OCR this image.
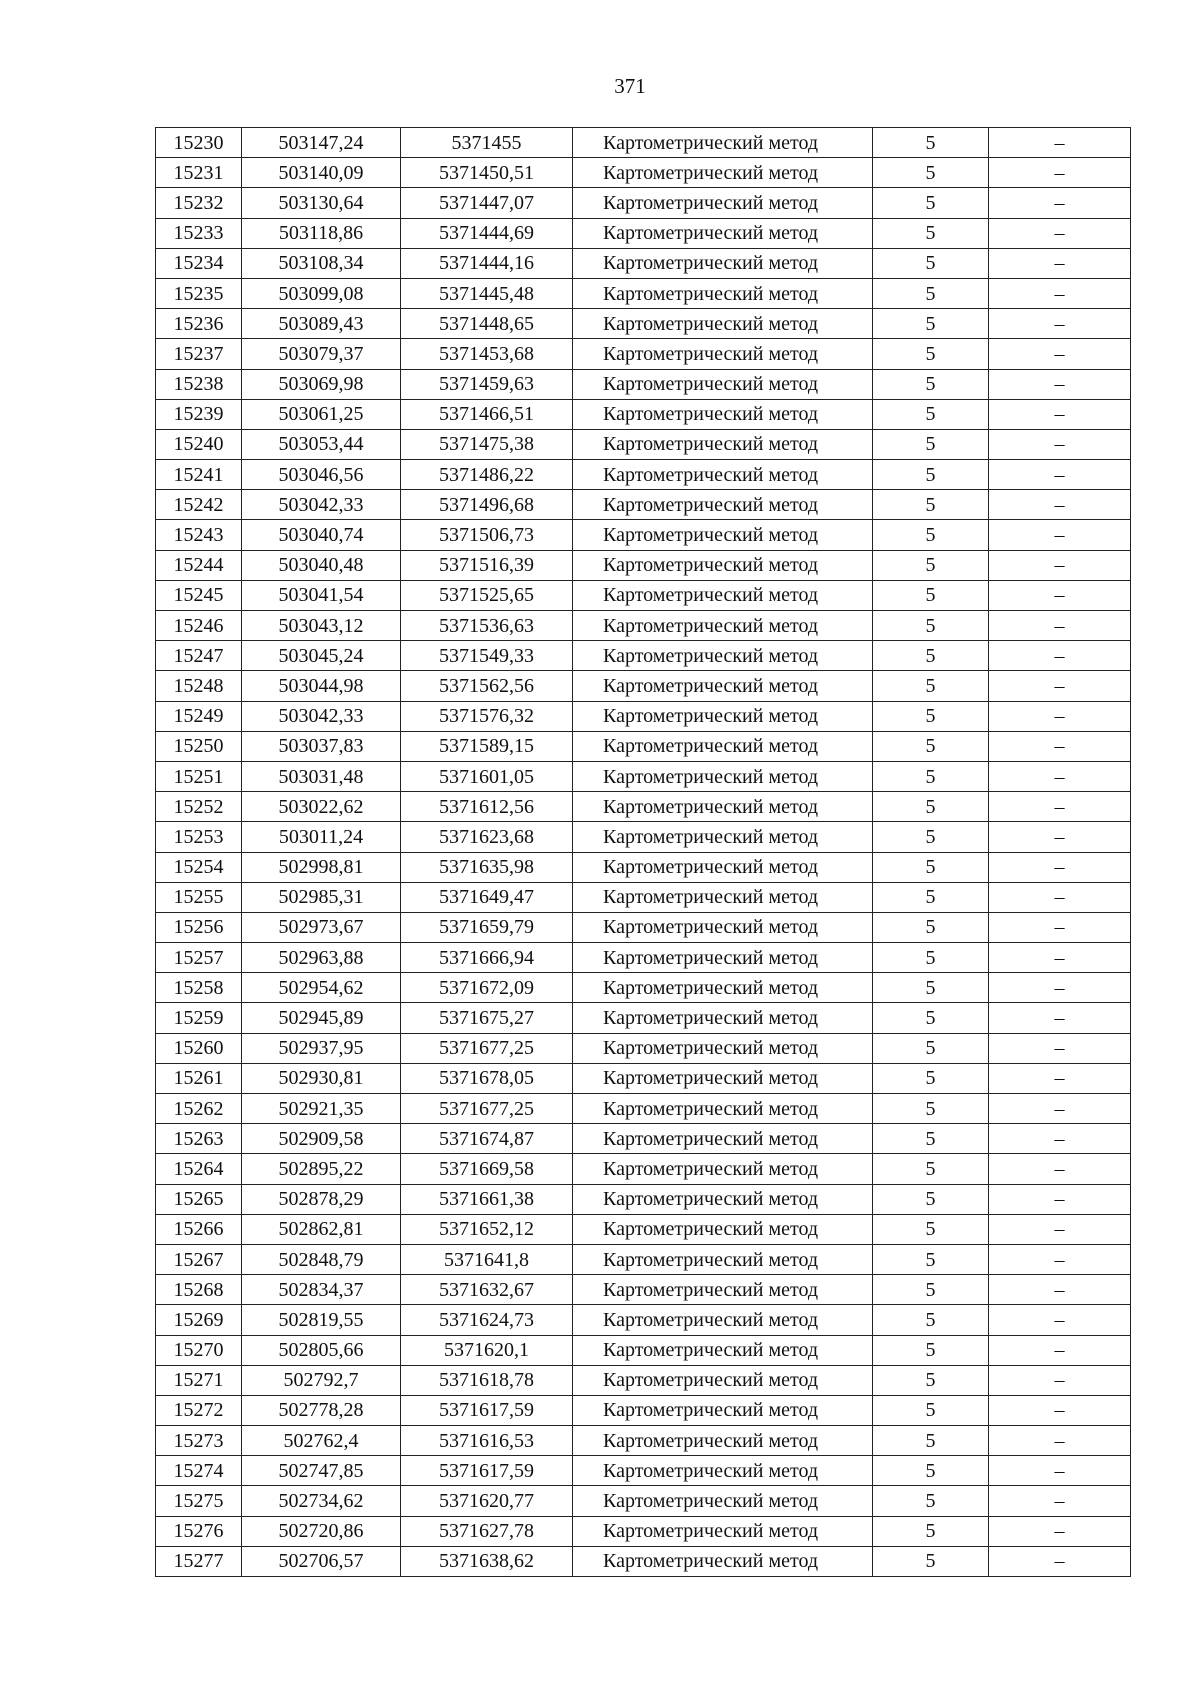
371
15230	503147,24	5371455	Картометрический метод	5	–
15231	503140,09	5371450,51	Картометрический метод	5	–
15232	503130,64	5371447,07	Картометрический метод	5	–
15233	503118,86	5371444,69	Картометрический метод	5	–
15234	503108,34	5371444,16	Картометрический метод	5	–
15235	503099,08	5371445,48	Картометрический метод	5	–
15236	503089,43	5371448,65	Картометрический метод	5	–
15237	503079,37	5371453,68	Картометрический метод	5	–
15238	503069,98	5371459,63	Картометрический метод	5	–
15239	503061,25	5371466,51	Картометрический метод	5	–
15240	503053,44	5371475,38	Картометрический метод	5	–
15241	503046,56	5371486,22	Картометрический метод	5	–
15242	503042,33	5371496,68	Картометрический метод	5	–
15243	503040,74	5371506,73	Картометрический метод	5	–
15244	503040,48	5371516,39	Картометрический метод	5	–
15245	503041,54	5371525,65	Картометрический метод	5	–
15246	503043,12	5371536,63	Картометрический метод	5	–
15247	503045,24	5371549,33	Картометрический метод	5	–
15248	503044,98	5371562,56	Картометрический метод	5	–
15249	503042,33	5371576,32	Картометрический метод	5	–
15250	503037,83	5371589,15	Картометрический метод	5	–
15251	503031,48	5371601,05	Картометрический метод	5	–
15252	503022,62	5371612,56	Картометрический метод	5	–
15253	503011,24	5371623,68	Картометрический метод	5	–
15254	502998,81	5371635,98	Картометрический метод	5	–
15255	502985,31	5371649,47	Картометрический метод	5	–
15256	502973,67	5371659,79	Картометрический метод	5	–
15257	502963,88	5371666,94	Картометрический метод	5	–
15258	502954,62	5371672,09	Картометрический метод	5	–
15259	502945,89	5371675,27	Картометрический метод	5	–
15260	502937,95	5371677,25	Картометрический метод	5	–
15261	502930,81	5371678,05	Картометрический метод	5	–
15262	502921,35	5371677,25	Картометрический метод	5	–
15263	502909,58	5371674,87	Картометрический метод	5	–
15264	502895,22	5371669,58	Картометрический метод	5	–
15265	502878,29	5371661,38	Картометрический метод	5	–
15266	502862,81	5371652,12	Картометрический метод	5	–
15267	502848,79	5371641,8	Картометрический метод	5	–
15268	502834,37	5371632,67	Картометрический метод	5	–
15269	502819,55	5371624,73	Картометрический метод	5	–
15270	502805,66	5371620,1	Картометрический метод	5	–
15271	502792,7	5371618,78	Картометрический метод	5	–
15272	502778,28	5371617,59	Картометрический метод	5	–
15273	502762,4	5371616,53	Картометрический метод	5	–
15274	502747,85	5371617,59	Картометрический метод	5	–
15275	502734,62	5371620,77	Картометрический метод	5	–
15276	502720,86	5371627,78	Картометрический метод	5	–
15277	502706,57	5371638,62	Картометрический метод	5	–
